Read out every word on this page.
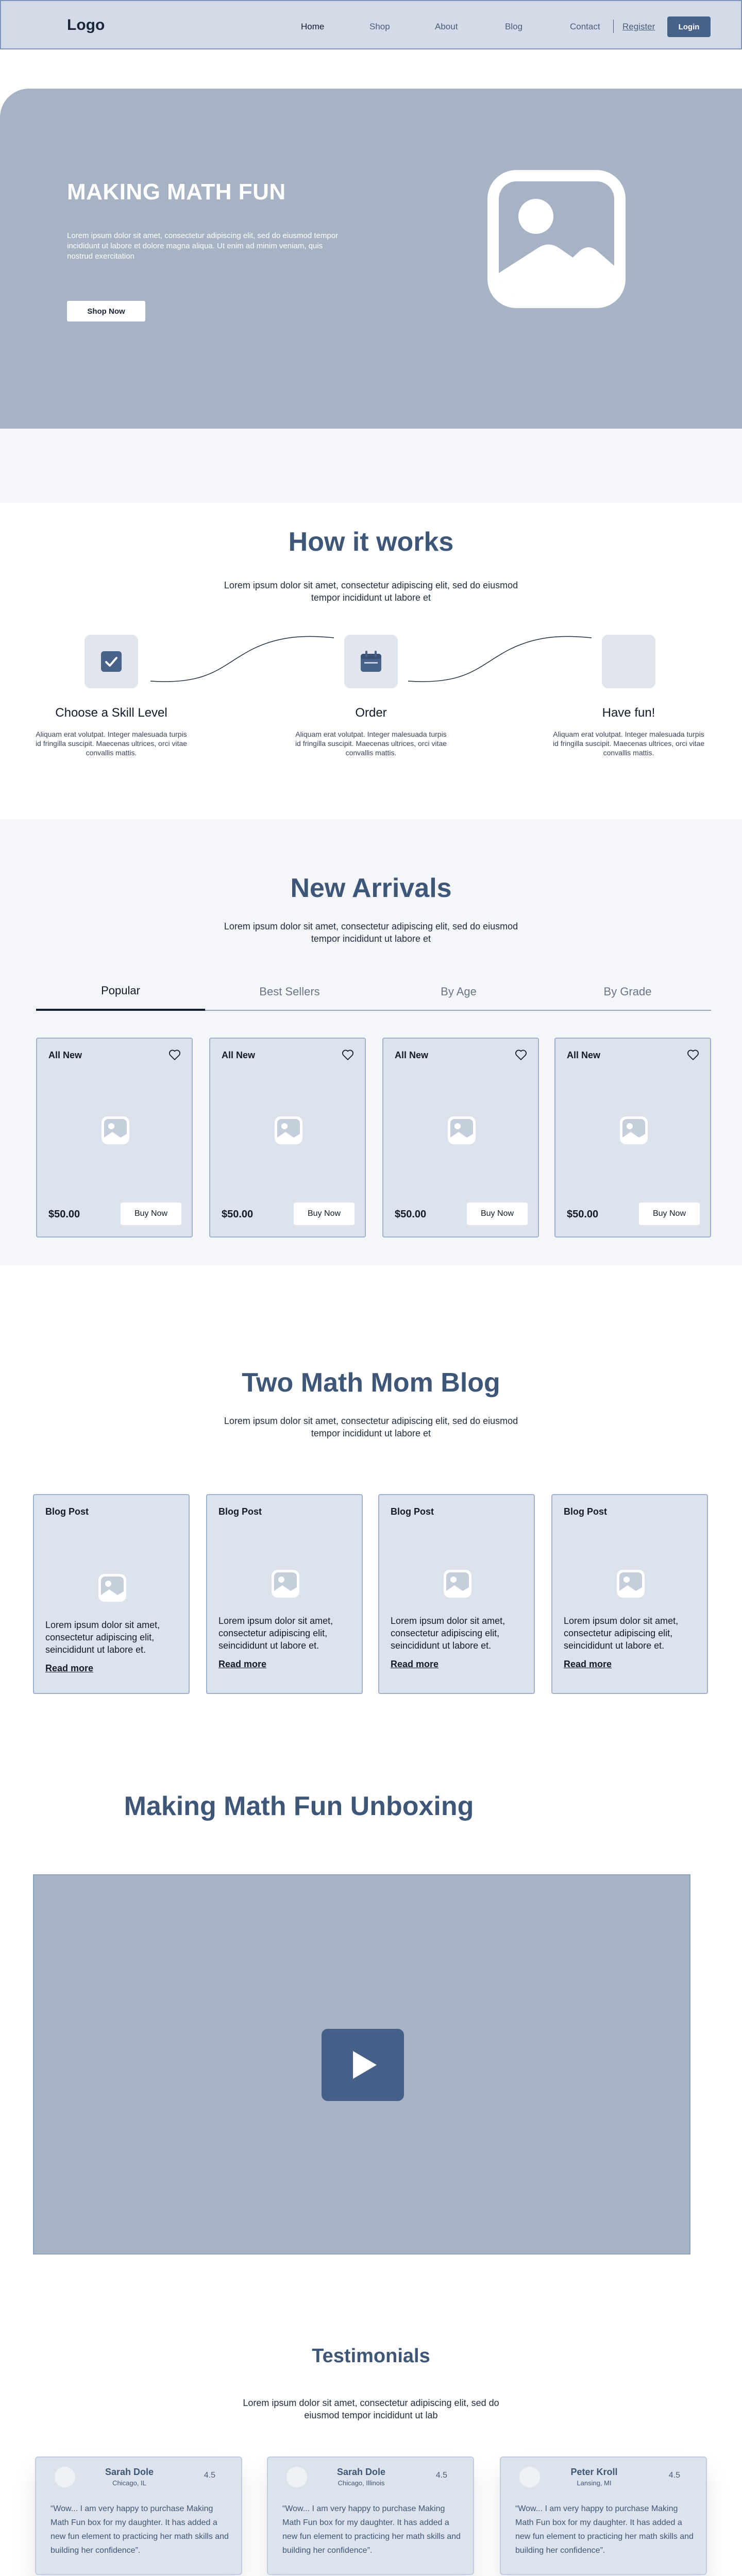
Logo	Home	Shop	About	Blog	Contact	Register	Login
MAKING MATH FUN

Lorem ipsum dolor sit amet, consectetur adipiscing elit, sed do eiusmod tempor incididunt ut labore et dolore magna aliqua. Ut enim ad minim veniam, quis nostrud exercitation

Shop Now
How it works

Lorem ipsum dolor sit amet, consectetur adipiscing elit, sed do eiusmod tempor incididunt ut labore et

Choose a Skill Level
Aliquam erat volutpat. Integer malesuada turpis id fringilla suscipit. Maecenas ultrices, orci vitae convallis mattis.
Order
Aliquam erat volutpat. Integer malesuada turpis id fringilla suscipit. Maecenas ultrices, orci vitae convallis mattis.
Have fun!
Aliquam erat volutpat. Integer malesuada turpis id fringilla suscipit. Maecenas ultrices, orci vitae convallis mattis.
New Arrivals

Lorem ipsum dolor sit amet, consectetur adipiscing elit, sed do eiusmod tempor incididunt ut labore et

Popular	Best Sellers	By Age	By Grade
All New
$50.00	Buy Now
All New
$50.00	Buy Now
All New
$50.00	Buy Now
All New
$50.00	Buy Now
Two Math Mom Blog

Lorem ipsum dolor sit amet, consectetur adipiscing elit, sed do eiusmod tempor incididunt ut labore et

Blog Post
Lorem ipsum dolor sit amet, consectetur adipiscing elit, seincididunt ut labore et.
Read more
Blog Post
Lorem ipsum dolor sit amet, consectetur adipiscing elit, seincididunt ut labore et.
Read more
Blog Post
Lorem ipsum dolor sit amet, consectetur adipiscing elit, seincididunt ut labore et.
Read more
Blog Post
Lorem ipsum dolor sit amet, consectetur adipiscing elit, seincididunt ut labore et.
Read more
Making Math Fun Unboxing
Testimonials

Lorem ipsum dolor sit amet, consectetur adipiscing elit, sed do eiusmod tempor incididunt ut lab

Sarah Dole
Chicago, IL
4.5
“Wow... I am very happy to purchase Making Math Fun box for my daughter. It has added a new fun element to practicing her math skills and building her confidence”.
Sarah Dole
Chicago, Illinois
4.5
“Wow... I am very happy to purchase Making Math Fun box for my daughter. It has added a new fun element to practicing her math skills and building her confidence”.
Peter Kroll
Lansing, MI
4.5
“Wow... I am very happy to purchase Making Math Fun box for my daughter. It has added a new fun element to practicing her math skills and building her confidence”.
